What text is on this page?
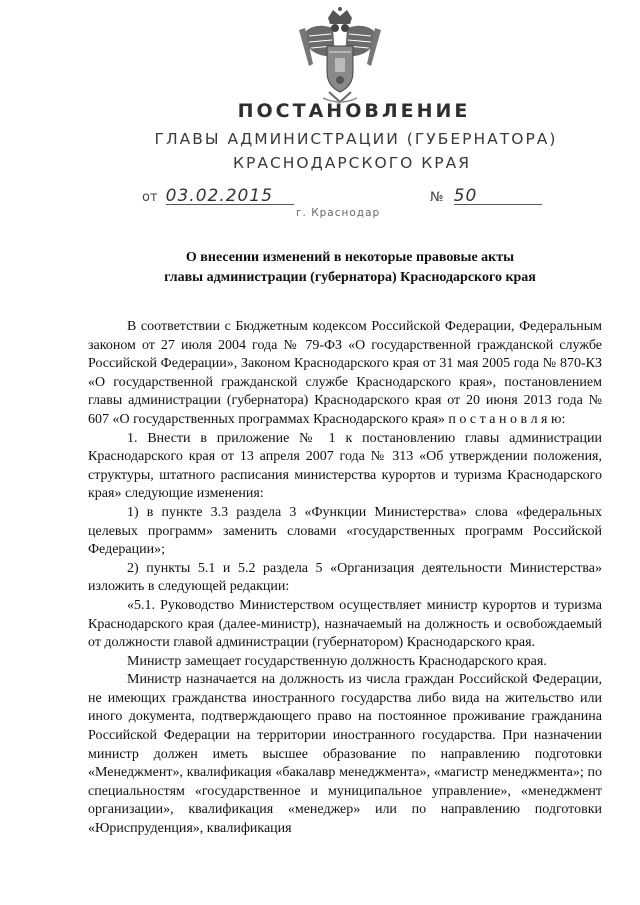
ПОСТАНОВЛЕНИЕ
ГЛАВЫ АДМИНИСТРАЦИИ (ГУБЕРНАТОРА)
КРАСНОДАРСКОГО КРАЯ
от 03.02.2015	№ 50
г. Краснодар
О внесении изменений в некоторые правовые акты
главы администрации (губернатора) Краснодарского края

В соответствии с Бюджетным кодексом Российской Федерации, Федеральным законом от 27 июля 2004 года № 79-ФЗ «О государственной гражданской службе Российской Федерации», Законом Краснодарского края от 31 мая 2005 года № 870-КЗ «О государственной гражданской службе Краснодарского края», постановлением главы администрации (губернатора) Краснодарского края от 20 июня 2013 года № 607 «О государственных программах Краснодарского края» п о с т а н о в л я ю:

1. Внести в приложение № 1 к постановлению главы администрации Краснодарского края от 13 апреля 2007 года № 313 «Об утверждении положения, структуры, штатного расписания министерства курортов и туризма Краснодарского края» следующие изменения:

1) в пункте 3.3 раздела 3 «Функции Министерства» слова «федеральных целевых программ» заменить словами «государственных программ Российской Федерации»;

2) пункты 5.1 и 5.2 раздела 5 «Организация деятельности Министерства» изложить в следующей редакции:

«5.1. Руководство Министерством осуществляет министр курортов и туризма Краснодарского края (далее-министр), назначаемый на должность и освобождаемый от должности главой администрации (губернатором) Краснодарского края.

Министр замещает государственную должность Краснодарского края.

Министр назначается на должность из числа граждан Российской Федерации, не имеющих гражданства иностранного государства либо вида на жительство или иного документа, подтверждающего право на постоянное проживание гражданина Российской Федерации на территории иностранного государства. При назначении министр должен иметь высшее образование по направлению подготовки «Менеджмент», квалификация «бакалавр менеджмента», «магистр менеджмента»; по специальностям «государственное и муниципальное управление», «менеджмент организации», квалификация «менеджер» или по направлению подготовки «Юриспруденция», квалификация
